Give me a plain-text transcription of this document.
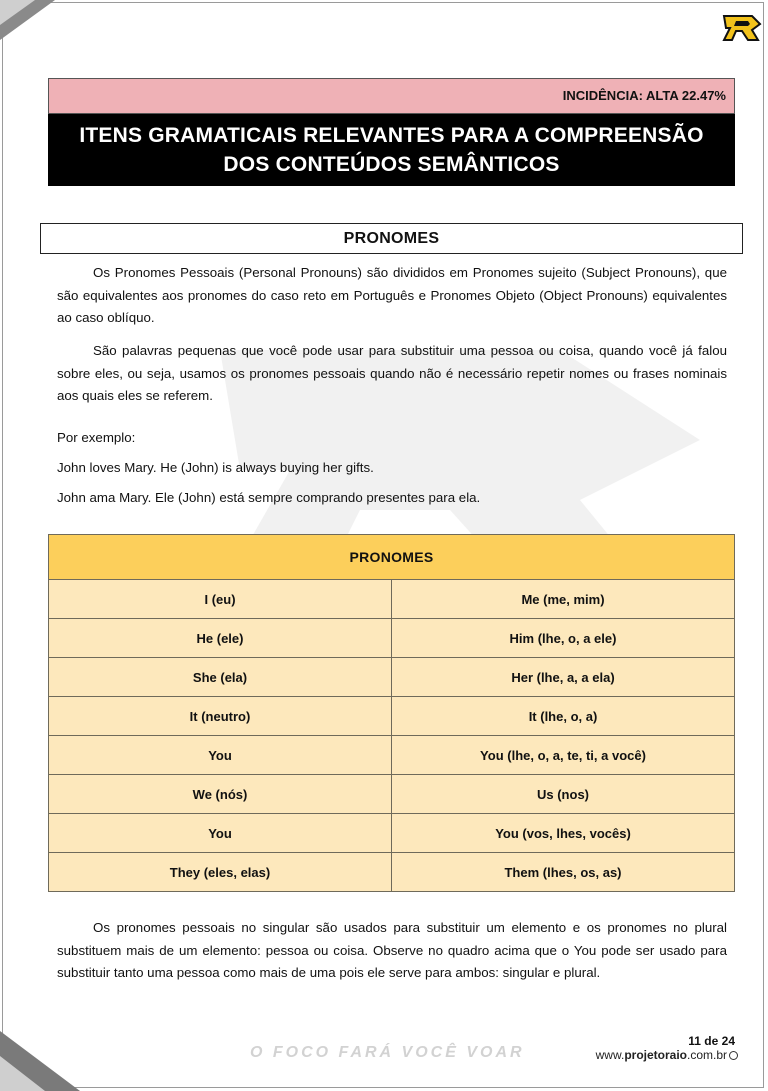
INCIDÊNCIA: ALTA 22.47%
ITENS GRAMATICAIS RELEVANTES PARA A COMPREENSÃO DOS CONTEÚDOS SEMÂNTICOS
PRONOMES

Os Pronomes Pessoais (Personal Pronouns) são divididos em Pronomes sujeito (Subject Pronouns), que são equivalentes aos pronomes do caso reto em Português e Pronomes Objeto (Object Pronouns) equivalentes ao caso oblíquo.

São palavras pequenas que você pode usar para substituir uma pessoa ou coisa, quando você já falou sobre eles, ou seja, usamos os pronomes pessoais quando não é necessário repetir nomes ou frases nominais aos quais eles se referem.

Por exemplo:
John loves Mary. He (John) is always buying her gifts.
John ama Mary. Ele (John) está sempre comprando presentes para ela.
PRONOMES	
I (eu)	Me (me, mim)
He (ele)	Him (lhe, o, a ele)
She (ela)	Her (lhe, a, a ela)
It (neutro)	It (lhe, o, a)
You	You (lhe, o, a, te, ti, a você)
We (nós)	Us (nos)
You	You (vos, lhes, vocês)
They (eles, elas)	Them (lhes, os, as)

Os pronomes pessoais no singular são usados para substituir um elemento e os pronomes no plural substituem mais de um elemento: pessoa ou coisa. Observe no quadro acima que o You pode ser usado para substituir tanto uma pessoa como mais de uma pois ele serve para ambos: singular e plural.

11 de 24
O FOCO FARÁ VOCÊ VOAR	www.projetoraio.com.br
